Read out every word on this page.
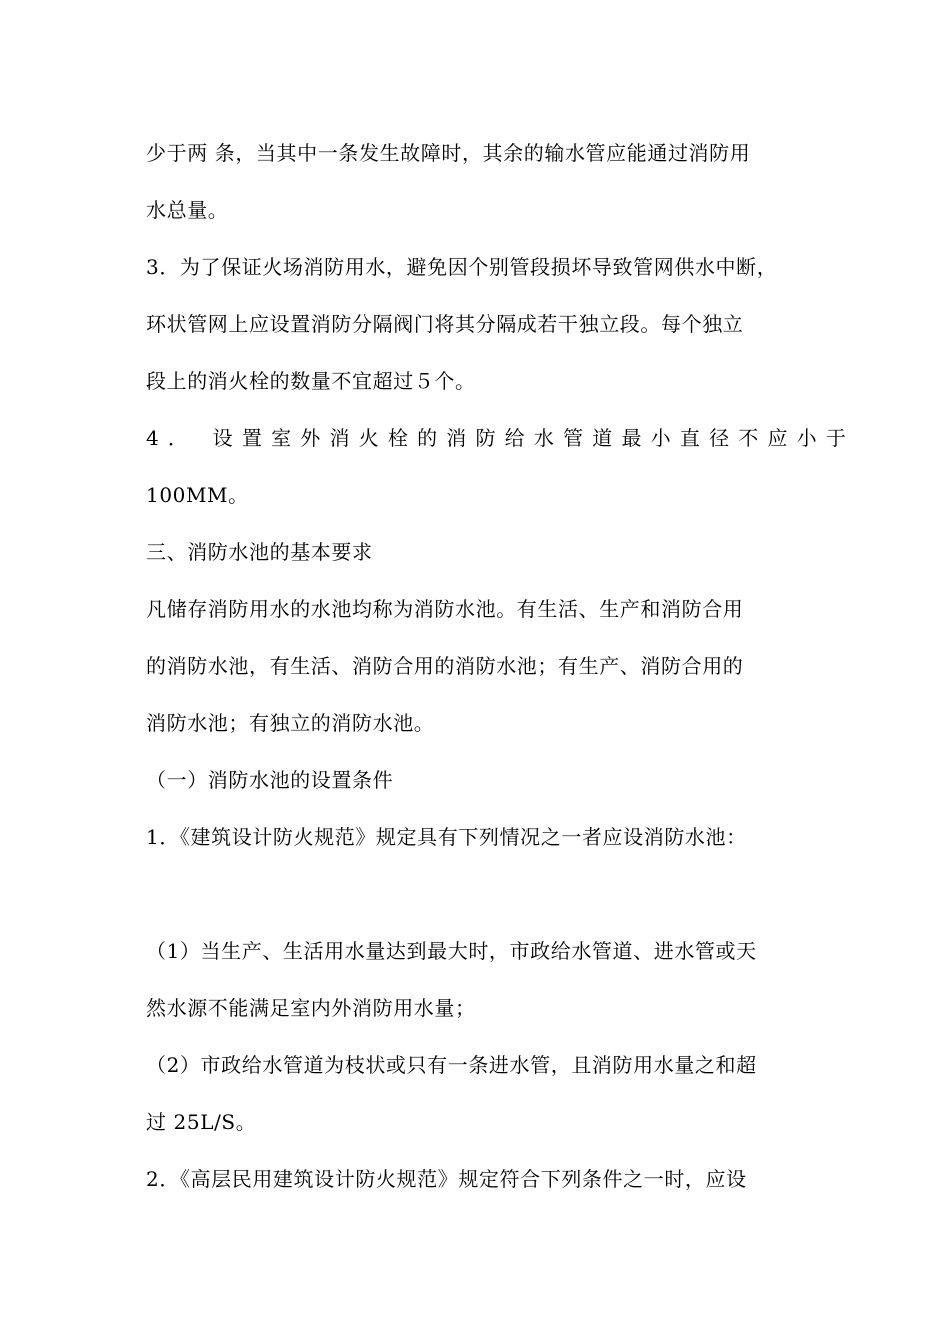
少于两 条，当其中一条发生故障时，其余的输水管应能通过消防用
水总量。
3．为了保证火场消防用水，避免因个别管段损坏导致管网供水中断，
环状管网上应设置消防分隔阀门将其分隔成若干独立段。每个独立
段上的消火栓的数量不宜超过５个。
4． 设置室外消火栓的消防给水管道最小直径不应小于
100MM。
三、消防水池的基本要求
凡储存消防用水的水池均称为消防水池。有生活、生产和消防合用
的消防水池，有生活、消防合用的消防水池；有生产、消防合用的
消防水池；有独立的消防水池。
（一）消防水池的设置条件
1．《建筑设计防火规范》规定具有下列情况之一者应设消防水池：
（1）当生产、生活用水量达到最大时，市政给水管道、进水管或天
然水源不能满足室内外消防用水量；
（2）市政给水管道为枝状或只有一条进水管，且消防用水量之和超
过 25L/S。
2．《高层民用建筑设计防火规范》规定符合下列条件之一时，应设
